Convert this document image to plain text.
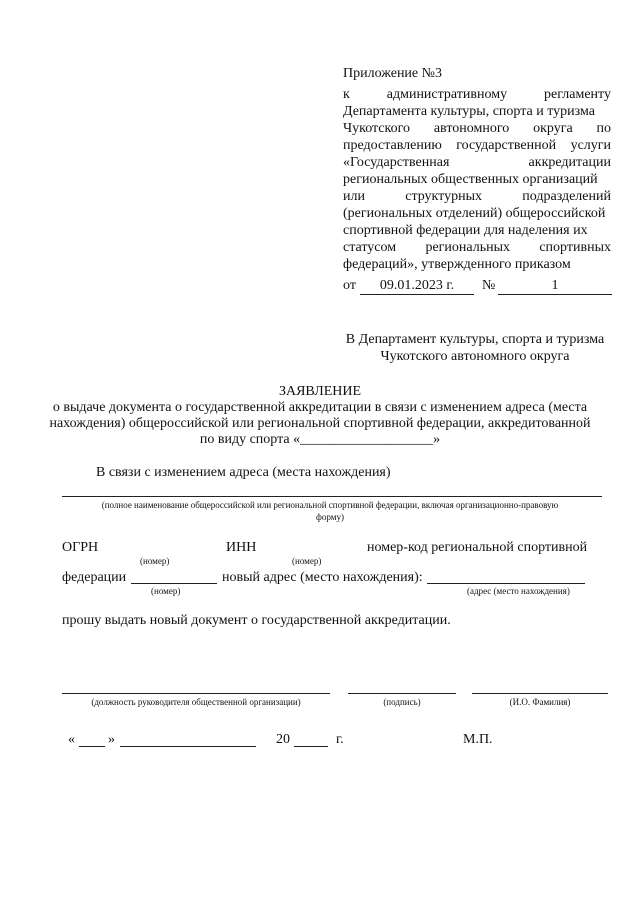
Приложение №3
к	административному	регламенту
Департамента культуры, спорта и туризма
Чукотского автономного округа по
предоставлению государственной услуги
«Государственная	аккредитации
региональных общественных организаций
или	структурных	подразделений
(региональных отделений) общероссийской
спортивной федерации для наделения их
статусом региональных спортивных
федераций», утвержденного приказом
от	09.01.2023 г.	№	1
В Департамент культуры, спорта и туризма
Чукотского автономного округа
ЗАЯВЛЕНИЕ
о выдаче документа о государственной аккредитации в связи с изменением адреса (места
нахождения) общероссийской или региональной спортивной федерации, аккредитованной
по виду спорта «___________________»
В связи с изменением адреса (места нахождения)
(полное наименование общероссийской или региональной спортивной федерации, включая организационно-правовую
форму)
ОГРН	ИНН	номер-код региональной спортивной
(номер)	(номер)
федерации	новый адрес (место нахождения):
(номер)	(адрес (место нахождения)
прошу выдать новый документ о государственной аккредитации.
(должность руководителя общественной организации)	(подпись)	(И.О. Фамилия)
« »	20	г.	М.П.
